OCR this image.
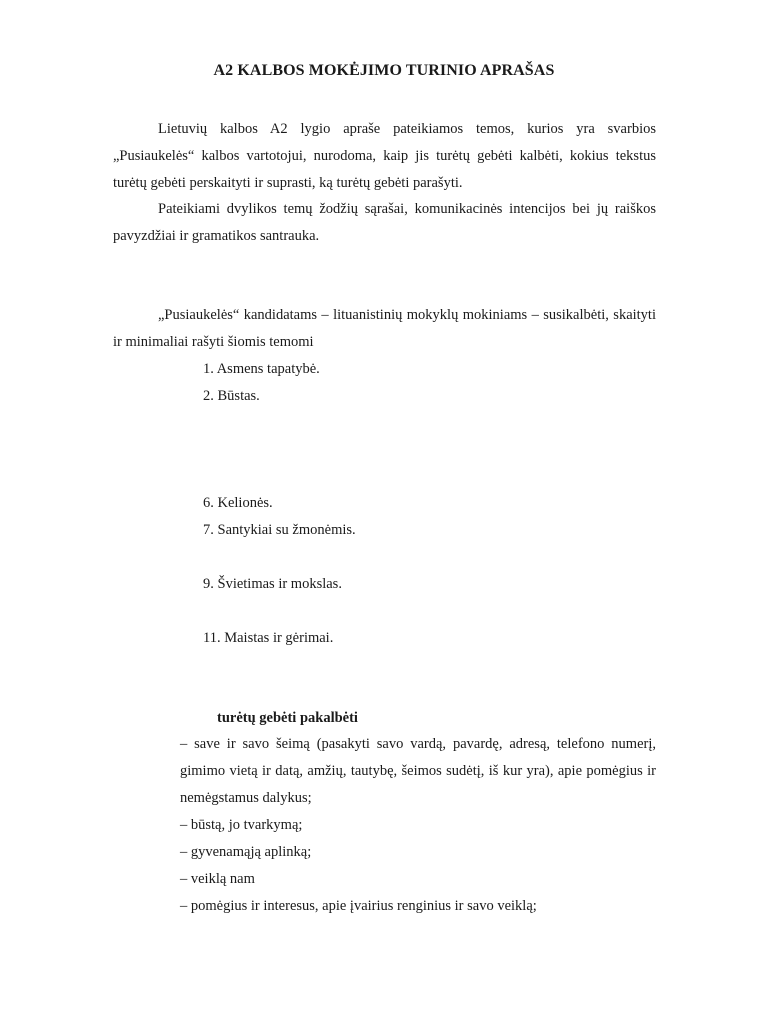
A2 KALBOS MOKĖJIMO TURINIO APRAŠAS

Lietuvių kalbos A2 lygio apraše pateikiamos temos, kurios yra svarbios „Pusiaukelės“ kalbos vartotojui, nurodoma, kaip jis turėtų gebėti kalbėti, kokius tekstus turėtų gebėti perskaityti ir suprasti, ką turėtų gebėti parašyti.

Pateikiami dvylikos temų žodžių sąrašai, komunikacinės intencijos bei jų raiškos pavyzdžiai ir gramatikos santrauka.

„Pusiaukelės“ kandidatams – lituanistinių mokyklų mokiniams – susikalbėti, skaityti ir minimaliai rašyti šiomis temomi

1. Asmens tapatybė.
2. Būstas.
6. Kelionės.
7. Santykiai su žmonėmis.
9. Švietimas ir mokslas.
11. Maistas ir gėrimai.
turėtų gebėti pakalbėti
– save ir savo šeimą (pasakyti savo vardą, pavardę, adresą, telefono numerį, gimimo vietą ir datą, amžių, tautybę, šeimos sudėtį, iš kur yra), apie pomėgius ir nemėgstamus dalykus;
– būstą, jo tvarkymą;
– gyvenamąją aplinką;
– veiklą nam
– pomėgius ir interesus, apie įvairius renginius ir savo veiklą;
